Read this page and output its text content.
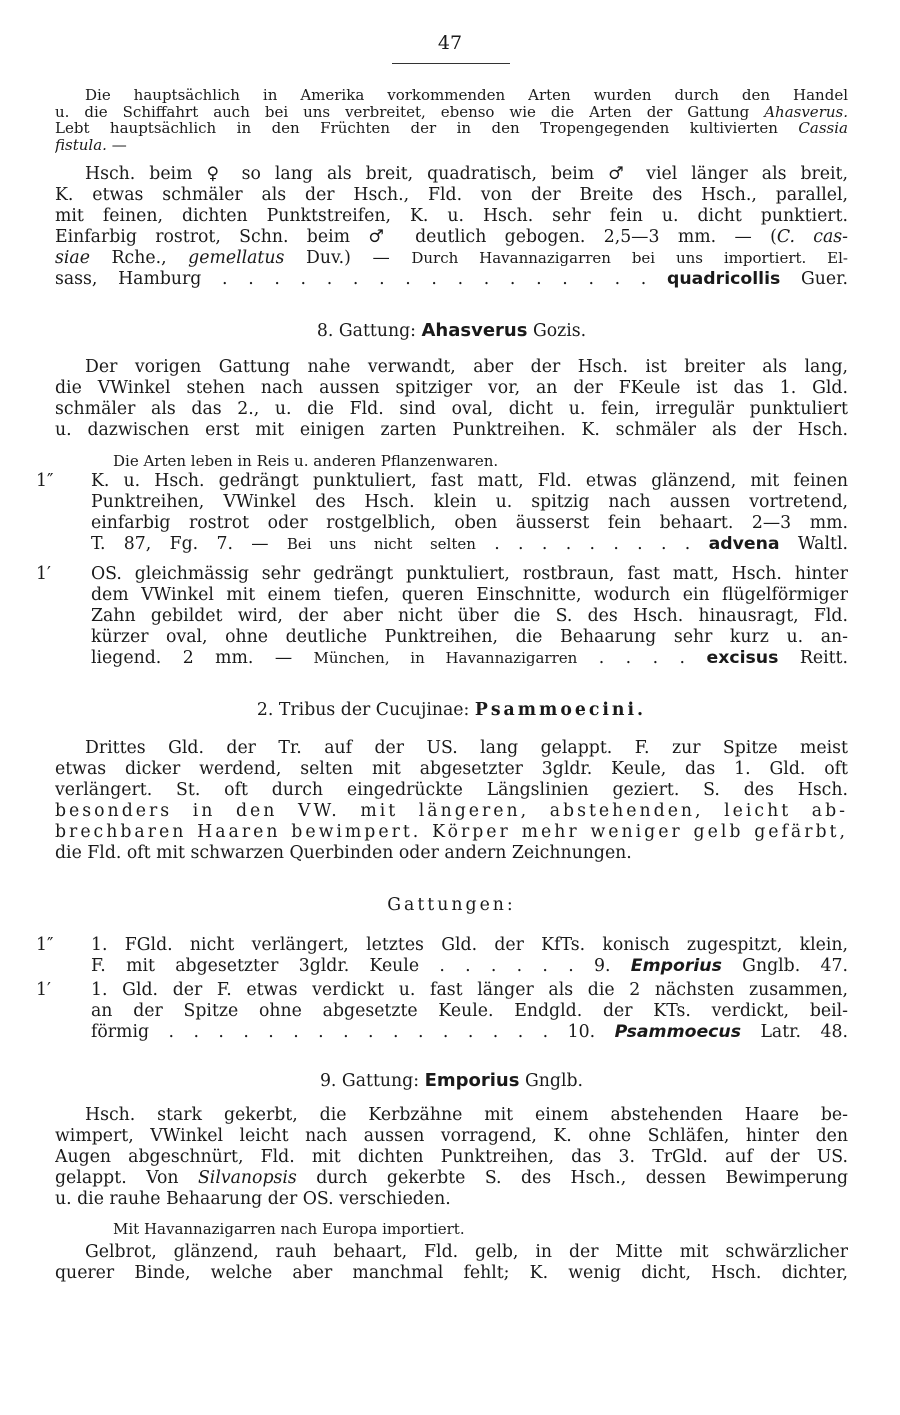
47
Die hauptsächlich in Amerika vorkommenden Arten wurden durch den Handel
u. die Schiffahrt auch bei uns verbreitet, ebenso wie die Arten der Gattung Ahasverus.
Lebt hauptsächlich in den Früchten der in den Tropengegenden kultivierten Cassia
fistula. —
Hsch. beim ♀ so lang als breit, quadratisch, beim ♂ viel länger als breit,
K. etwas schmäler als der Hsch., Fld. von der Breite des Hsch., parallel,
mit feinen, dichten Punktstreifen, K. u. Hsch. sehr fein u. dicht punktiert.
Einfarbig rostrot, Schn. beim ♂ deutlich gebogen. 2,5—3 mm. — (C. cas-
siae Rche., gemellatus Duv.) — Durch Havannazigarren bei uns importiert. El-
sass, Hamburg . . . . . . . . . . . . . . . . . quadricollis Guer.
8. Gattung: Ahasverus Gozis.
Der vorigen Gattung nahe verwandt, aber der Hsch. ist breiter als lang,
die VWinkel stehen nach aussen spitziger vor, an der FKeule ist das 1. Gld.
schmäler als das 2., u. die Fld. sind oval, dicht u. fein, irregulär punktuliert
u. dazwischen erst mit einigen zarten Punktreihen. K. schmäler als der Hsch.
Die Arten leben in Reis u. anderen Pflanzenwaren.
1″ K. u. Hsch. gedrängt punktuliert, fast matt, Fld. etwas glänzend, mit feinen
Punktreihen, VWinkel des Hsch. klein u. spitzig nach aussen vortretend,
einfarbig rostrot oder rostgelblich, oben äusserst fein behaart. 2—3 mm.
T. 87, Fg. 7. — Bei uns nicht selten . . . . . . . . . advena Waltl.
1′ OS. gleichmässig sehr gedrängt punktuliert, rostbraun, fast matt, Hsch. hinter
dem VWinkel mit einem tiefen, queren Einschnitte, wodurch ein flügelförmiger
Zahn gebildet wird, der aber nicht über die S. des Hsch. hinausragt, Fld.
kürzer oval, ohne deutliche Punktreihen, die Behaarung sehr kurz u. an-
liegend. 2 mm. — München, in Havannazigarren . . . . excisus Reitt.
2. Tribus der Cucujinae: Psammoecini.
Drittes Gld. der Tr. auf der US. lang gelappt. F. zur Spitze meist
etwas dicker werdend, selten mit abgesetzter 3gldr. Keule, das 1. Gld. oft
verlängert. St. oft durch eingedrückte Längslinien geziert. S. des Hsch.
besonders in den VW. mit längeren, abstehenden, leicht ab-
brechbaren Haaren bewimpert. Körper mehr weniger gelb gefärbt,
die Fld. oft mit schwarzen Querbinden oder andern Zeichnungen.
Gattungen:
1″ 1. FGld. nicht verlängert, letztes Gld. der KfTs. konisch zugespitzt, klein,
F. mit abgesetzter 3gldr. Keule . . . . . . 9. Emporius Gnglb. 47.
1′ 1. Gld. der F. etwas verdickt u. fast länger als die 2 nächsten zusammen,
an der Spitze ohne abgesetzte Keule. Endgld. der KTs. verdickt, beil-
förmig . . . . . . . . . . . . . . . . 10. Psammoecus Latr. 48.
9. Gattung: Emporius Gnglb.
Hsch. stark gekerbt, die Kerbzähne mit einem abstehenden Haare be-
wimpert, VWinkel leicht nach aussen vorragend, K. ohne Schläfen, hinter den
Augen abgeschnürt, Fld. mit dichten Punktreihen, das 3. TrGld. auf der US.
gelappt. Von Silvanopsis durch gekerbte S. des Hsch., dessen Bewimperung
u. die rauhe Behaarung der OS. verschieden.
Mit Havannazigarren nach Europa importiert.
Gelbrot, glänzend, rauh behaart, Fld. gelb, in der Mitte mit schwärzlicher
querer Binde, welche aber manchmal fehlt; K. wenig dicht, Hsch. dichter,
